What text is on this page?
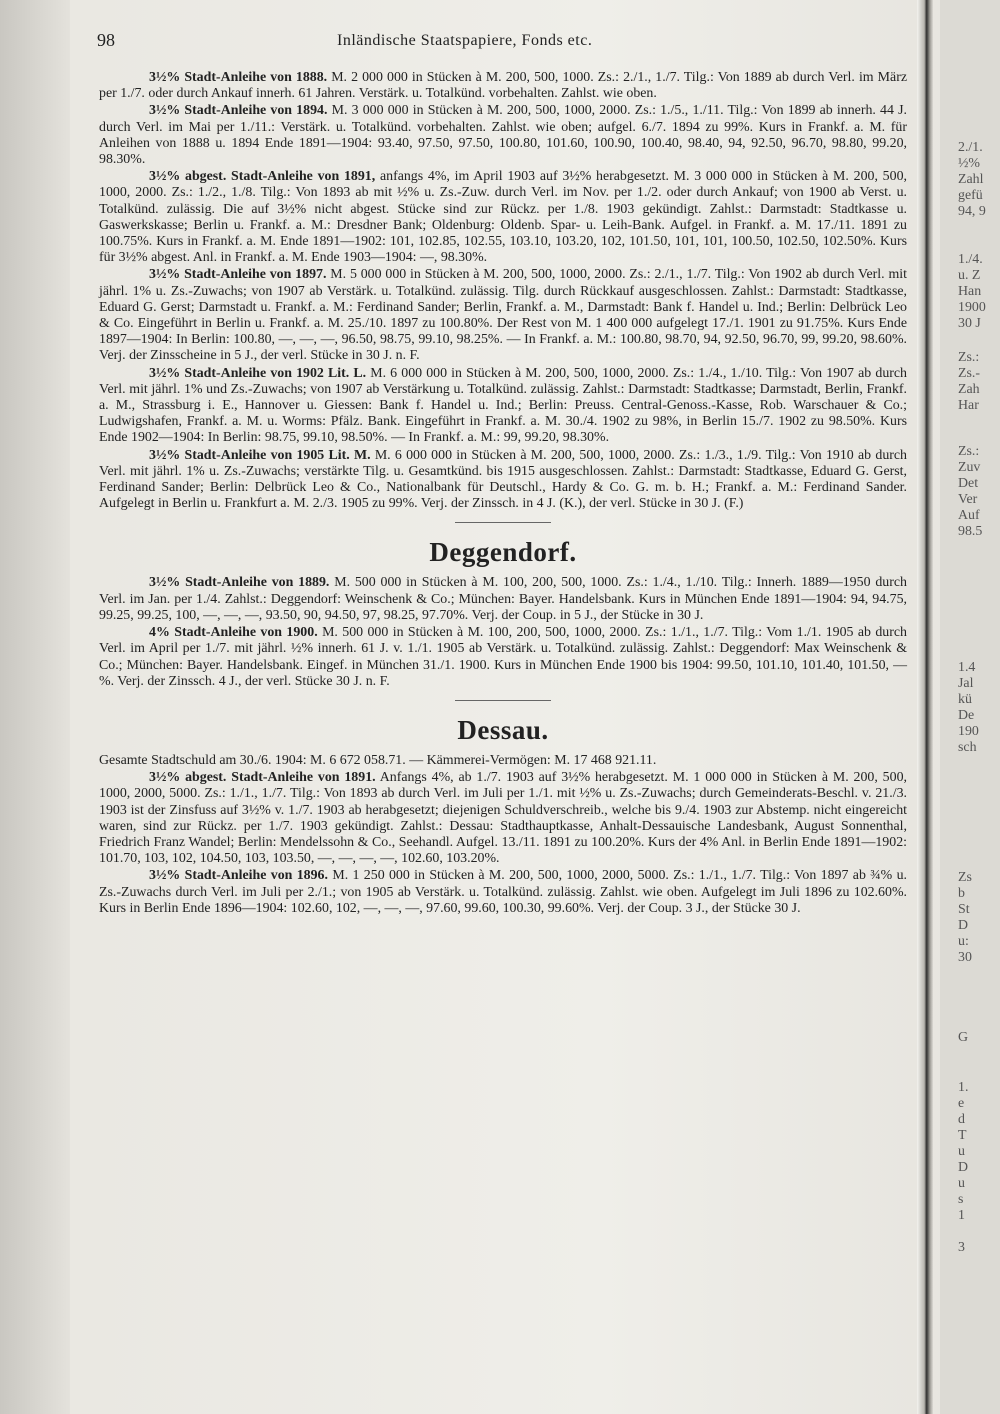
98	Inländische Staatspapiere, Fonds etc.

3½% Stadt-Anleihe von 1888. M. 2 000 000 in Stücken à M. 200, 500, 1000. Zs.: 2./1., 1./7. Tilg.: Von 1889 ab durch Verl. im März per 1./7. oder durch Ankauf innerh. 61 Jahren. Verstärk. u. Totalkünd. vorbehalten. Zahlst. wie oben.

3½% Stadt-Anleihe von 1894. M. 3 000 000 in Stücken à M. 200, 500, 1000, 2000. Zs.: 1./5., 1./11. Tilg.: Von 1899 ab innerh. 44 J. durch Verl. im Mai per 1./11.: Verstärk. u. Totalkünd. vorbehalten. Zahlst. wie oben; aufgel. 6./7. 1894 zu 99%. Kurs in Frankf. a. M. für Anleihen von 1888 u. 1894 Ende 1891—1904: 93.40, 97.50, 97.50, 100.80, 101.60, 100.90, 100.40, 98.40, 94, 92.50, 96.70, 98.80, 99.20, 98.30%.

3½% abgest. Stadt-Anleihe von 1891, anfangs 4%, im April 1903 auf 3½% herabgesetzt. M. 3 000 000 in Stücken à M. 200, 500, 1000, 2000. Zs.: 1./2., 1./8. Tilg.: Von 1893 ab mit ½% u. Zs.-Zuw. durch Verl. im Nov. per 1./2. oder durch Ankauf; von 1900 ab Verst. u. Totalkünd. zulässig. Die auf 3½% nicht abgest. Stücke sind zur Rückz. per 1./8. 1903 gekündigt. Zahlst.: Darmstadt: Stadtkasse u. Gaswerkskasse; Berlin u. Frankf. a. M.: Dresdner Bank; Oldenburg: Oldenb. Spar- u. Leih-Bank. Aufgel. in Frankf. a. M. 17./11. 1891 zu 100.75%. Kurs in Frankf. a. M. Ende 1891—1902: 101, 102.85, 102.55, 103.10, 103.20, 102, 101.50, 101, 101, 100.50, 102.50, 102.50%. Kurs für 3½% abgest. Anl. in Frankf. a. M. Ende 1903—1904: —, 98.30%.

3½% Stadt-Anleihe von 1897. M. 5 000 000 in Stücken à M. 200, 500, 1000, 2000. Zs.: 2./1., 1./7. Tilg.: Von 1902 ab durch Verl. mit jährl. 1% u. Zs.-Zuwachs; von 1907 ab Verstärk. u. Totalkünd. zulässig. Tilg. durch Rückkauf ausgeschlossen. Zahlst.: Darmstadt: Stadtkasse, Eduard G. Gerst; Darmstadt u. Frankf. a. M.: Ferdinand Sander; Berlin, Frankf. a. M., Darmstadt: Bank f. Handel u. Ind.; Berlin: Delbrück Leo & Co. Eingeführt in Berlin u. Frankf. a. M. 25./10. 1897 zu 100.80%. Der Rest von M. 1 400 000 aufgelegt 17./1. 1901 zu 91.75%. Kurs Ende 1897—1904: In Berlin: 100.80, —, —, —, 96.50, 98.75, 99.10, 98.25%. — In Frankf. a. M.: 100.80, 98.70, 94, 92.50, 96.70, 99, 99.20, 98.60%. Verj. der Zinsscheine in 5 J., der verl. Stücke in 30 J. n. F.

3½% Stadt-Anleihe von 1902 Lit. L. M. 6 000 000 in Stücken à M. 200, 500, 1000, 2000. Zs.: 1./4., 1./10. Tilg.: Von 1907 ab durch Verl. mit jährl. 1% und Zs.-Zuwachs; von 1907 ab Verstärkung u. Totalkünd. zulässig. Zahlst.: Darmstadt: Stadtkasse; Darmstadt, Berlin, Frankf. a. M., Strassburg i. E., Hannover u. Giessen: Bank f. Handel u. Ind.; Berlin: Preuss. Central-Genoss.-Kasse, Rob. Warschauer & Co.; Ludwigshafen, Frankf. a. M. u. Worms: Pfälz. Bank. Eingeführt in Frankf. a. M. 30./4. 1902 zu 98%, in Berlin 15./7. 1902 zu 98.50%. Kurs Ende 1902—1904: In Berlin: 98.75, 99.10, 98.50%. — In Frankf. a. M.: 99, 99.20, 98.30%.

3½% Stadt-Anleihe von 1905 Lit. M. M. 6 000 000 in Stücken à M. 200, 500, 1000, 2000. Zs.: 1./3., 1./9. Tilg.: Von 1910 ab durch Verl. mit jährl. 1% u. Zs.-Zuwachs; verstärkte Tilg. u. Gesamtkünd. bis 1915 ausgeschlossen. Zahlst.: Darmstadt: Stadtkasse, Eduard G. Gerst, Ferdinand Sander; Berlin: Delbrück Leo & Co., Nationalbank für Deutschl., Hardy & Co. G. m. b. H.; Frankf. a. M.: Ferdinand Sander. Aufgelegt in Berlin u. Frankfurt a. M. 2./3. 1905 zu 99%. Verj. der Zinssch. in 4 J. (K.), der verl. Stücke in 30 J. (F.)

Deggendorf.

3½% Stadt-Anleihe von 1889. M. 500 000 in Stücken à M. 100, 200, 500, 1000. Zs.: 1./4., 1./10. Tilg.: Innerh. 1889—1950 durch Verl. im Jan. per 1./4. Zahlst.: Deggendorf: Weinschenk & Co.; München: Bayer. Handelsbank. Kurs in München Ende 1891—1904: 94, 94.75, 99.25, 99.25, 100, —, —, —, 93.50, 90, 94.50, 97, 98.25, 97.70%. Verj. der Coup. in 5 J., der Stücke in 30 J.

4% Stadt-Anleihe von 1900. M. 500 000 in Stücken à M. 100, 200, 500, 1000, 2000. Zs.: 1./1., 1./7. Tilg.: Vom 1./1. 1905 ab durch Verl. im April per 1./7. mit jährl. ½% innerh. 61 J. v. 1./1. 1905 ab Verstärk. u. Totalkünd. zulässig. Zahlst.: Deggendorf: Max Weinschenk & Co.; München: Bayer. Handelsbank. Eingef. in München 31./1. 1900. Kurs in München Ende 1900 bis 1904: 99.50, 101.10, 101.40, 101.50, —%. Verj. der Zinssch. 4 J., der verl. Stücke 30 J. n. F.

Dessau.

Gesamte Stadtschuld am 30./6. 1904: M. 6 672 058.71. — Kämmerei-Vermögen: M. 17 468 921.11.

3½% abgest. Stadt-Anleihe von 1891. Anfangs 4%, ab 1./7. 1903 auf 3½% herabgesetzt. M. 1 000 000 in Stücken à M. 200, 500, 1000, 2000, 5000. Zs.: 1./1., 1./7. Tilg.: Von 1893 ab durch Verl. im Juli per 1./1. mit ½% u. Zs.-Zuwachs; durch Gemeinderats-Beschl. v. 21./3. 1903 ist der Zinsfuss auf 3½% v. 1./7. 1903 ab herabgesetzt; diejenigen Schuldverschreib., welche bis 9./4. 1903 zur Abstemp. nicht eingereicht waren, sind zur Rückz. per 1./7. 1903 gekündigt. Zahlst.: Dessau: Stadthauptkasse, Anhalt-Dessauische Landesbank, August Sonnenthal, Friedrich Franz Wandel; Berlin: Mendelssohn & Co., Seehandl. Aufgel. 13./11. 1891 zu 100.20%. Kurs der 4% Anl. in Berlin Ende 1891—1902: 101.70, 103, 102, 104.50, 103, 103.50, —, —, —, —, 102.60, 103.20%.

3½% Stadt-Anleihe von 1896. M. 1 250 000 in Stücken à M. 200, 500, 1000, 2000, 5000. Zs.: 1./1., 1./7. Tilg.: Von 1897 ab ¾% u. Zs.-Zuwachs durch Verl. im Juli per 2./1.; von 1905 ab Verstärk. u. Totalkünd. zulässig. Zahlst. wie oben. Aufgelegt im Juli 1896 zu 102.60%. Kurs in Berlin Ende 1896—1904: 102.60, 102, —, —, —, 97.60, 99.60, 100.30, 99.60%. Verj. der Coup. 3 J., der Stücke 30 J.

2./1.
½%
Zahl
gefü
94, 9
1./4.
u. Z
Han
1900
30 J
Zs.:
Zs.-
Zah
Har
Zs.:
Zuv
Det
Ver
Auf
98.5
1.4
Jal
kü
De
190
sch
Zs
b
St
D
u:
30
G
1.
e
d
T
u
D
u
s
1
3
